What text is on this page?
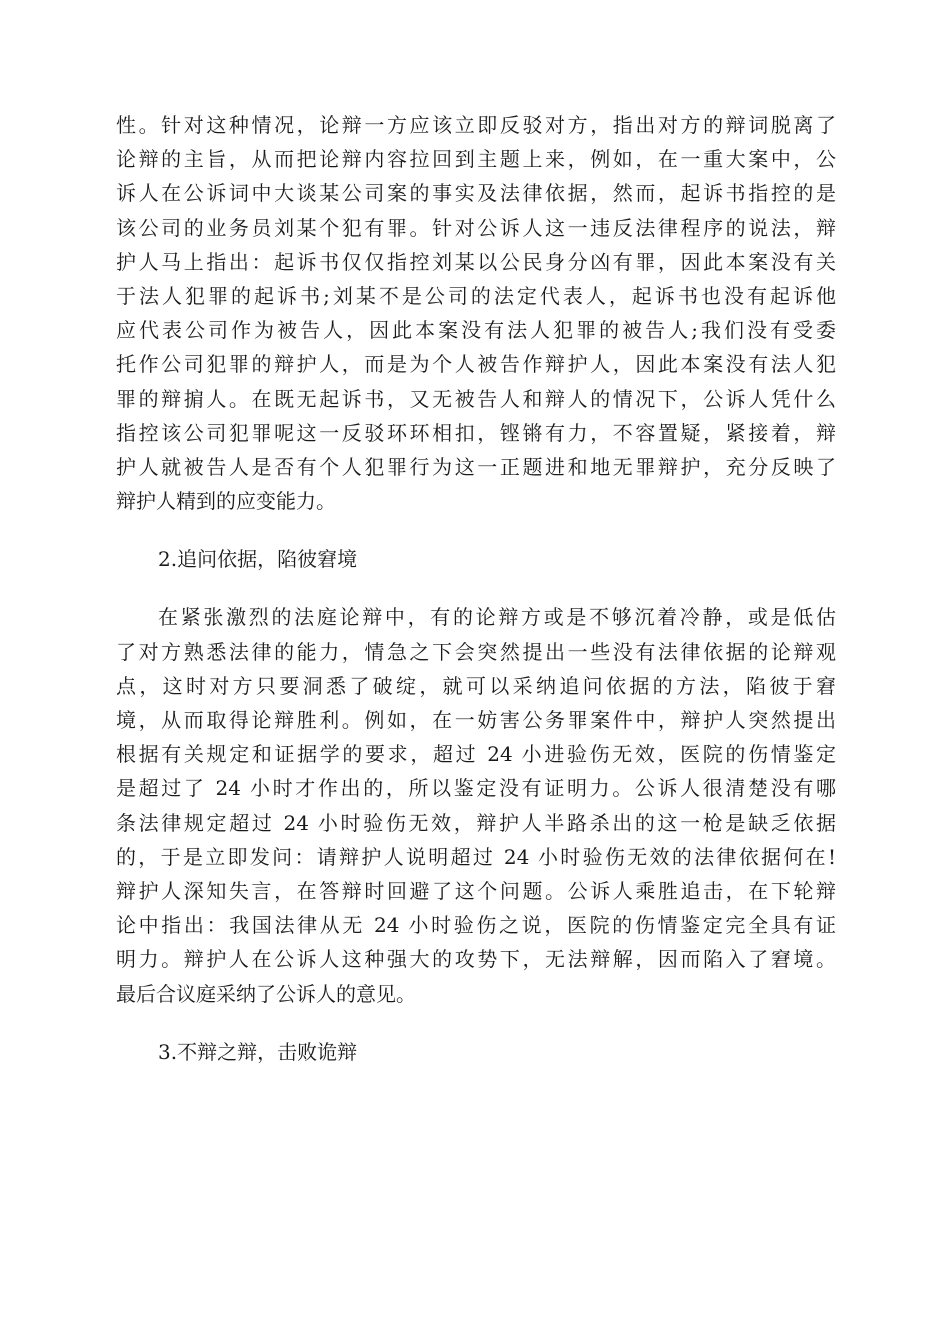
性。针对这种情况，论辩一方应该立即反驳对方，指出对方的辩词脱离了
论辩的主旨，从而把论辩内容拉回到主题上来，例如，在一重大案中，公
诉人在公诉词中大谈某公司案的事实及法律依据，然而，起诉书指控的是
该公司的业务员刘某个犯有罪。针对公诉人这一违反法律程序的说法，辩
护人马上指出：起诉书仅仅指控刘某以公民身分凶有罪，因此本案没有关
于法人犯罪的起诉书;刘某不是公司的法定代表人，起诉书也没有起诉他
应代表公司作为被告人，因此本案没有法人犯罪的被告人;我们没有受委
托作公司犯罪的辩护人，而是为个人被告作辩护人，因此本案没有法人犯
罪的辩掮人。在既无起诉书，又无被告人和辩人的情况下，公诉人凭什么
指控该公司犯罪呢这一反驳环环相扣，铿锵有力，不容置疑，紧接着，辩
护人就被告人是否有个人犯罪行为这一正题进和地无罪辩护，充分反映了
辩护人精到的应变能力。
2.追问依据，陷彼窘境
在紧张激烈的法庭论辩中，有的论辩方或是不够沉着冷静，或是低估
了对方熟悉法律的能力，情急之下会突然提出一些没有法律依据的论辩观
点，这时对方只要洞悉了破绽，就可以采纳追问依据的方法，陷彼于窘
境，从而取得论辩胜利。例如，在一妨害公务罪案件中，辩护人突然提出
根据有关规定和证据学的要求，超过 24 小进验伤无效，医院的伤情鉴定
是超过了 24 小时才作出的，所以鉴定没有证明力。公诉人很清楚没有哪
条法律规定超过 24 小时验伤无效，辩护人半路杀出的这一枪是缺乏依据
的，于是立即发问：请辩护人说明超过 24 小时验伤无效的法律依据何在!
辩护人深知失言，在答辩时回避了这个问题。公诉人乘胜追击，在下轮辩
论中指出：我国法律从无 24 小时验伤之说，医院的伤情鉴定完全具有证
明力。辩护人在公诉人这种强大的攻势下，无法辩解，因而陷入了窘境。
最后合议庭采纳了公诉人的意见。
3.不辩之辩，击败诡辩
